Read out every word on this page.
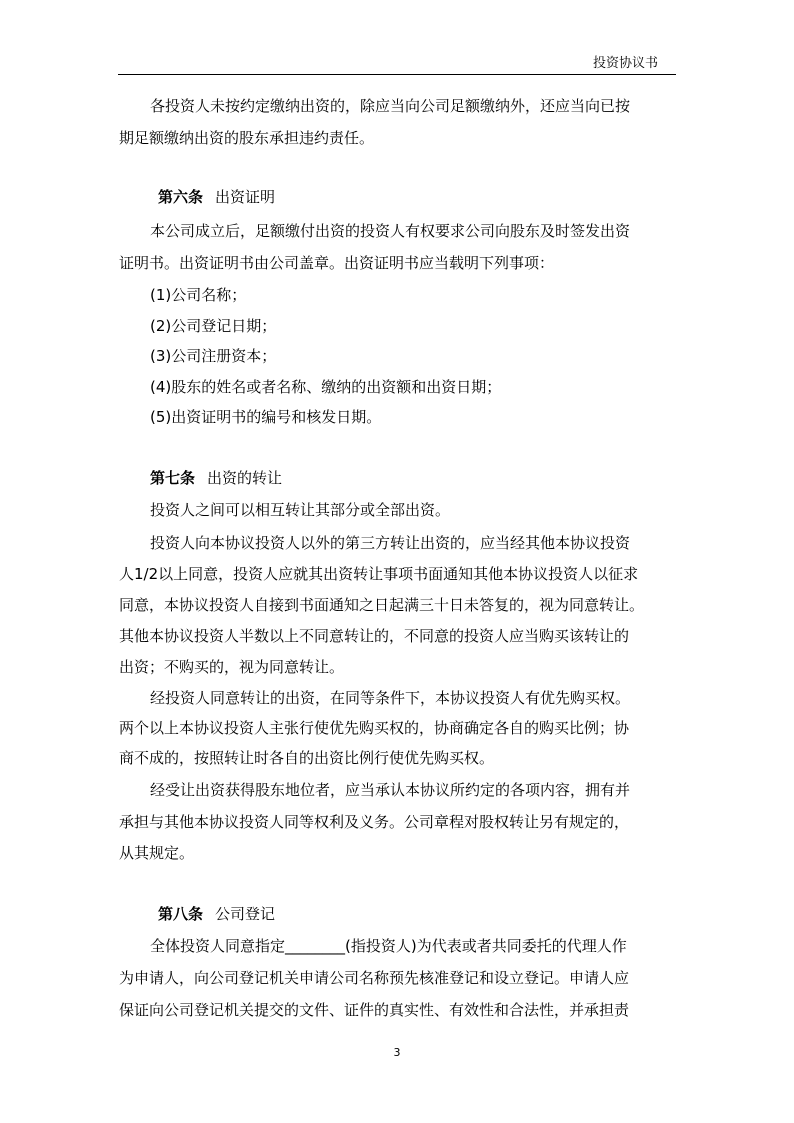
投资协议书
各投资人未按约定缴纳出资的，除应当向公司足额缴纳外，还应当向已按
期足额缴纳出资的股东承担违约责任。
第六条 出资证明
本公司成立后，足额缴付出资的投资人有权要求公司向股东及时签发出资
证明书。出资证明书由公司盖章。出资证明书应当载明下列事项：
(1)公司名称；
(2)公司登记日期；
(3)公司注册资本；
(4)股东的姓名或者名称、缴纳的出资额和出资日期；
(5)出资证明书的编号和核发日期。
第七条 出资的转让
投资人之间可以相互转让其部分或全部出资。
投资人向本协议投资人以外的第三方转让出资的，应当经其他本协议投资
人1/2以上同意，投资人应就其出资转让事项书面通知其他本协议投资人以征求
同意，本协议投资人自接到书面通知之日起满三十日未答复的，视为同意转让。
其他本协议投资人半数以上不同意转让的，不同意的投资人应当购买该转让的
出资；不购买的，视为同意转让。
经投资人同意转让的出资，在同等条件下，本协议投资人有优先购买权。
两个以上本协议投资人主张行使优先购买权的，协商确定各自的购买比例；协
商不成的，按照转让时各自的出资比例行使优先购买权。
经受让出资获得股东地位者，应当承认本协议所约定的各项内容，拥有并
承担与其他本协议投资人同等权利及义务。公司章程对股权转让另有规定的，
从其规定。
第八条 公司登记
全体投资人同意指定________(指投资人)为代表或者共同委托的代理人作
为申请人，向公司登记机关申请公司名称预先核准登记和设立登记。申请人应
保证向公司登记机关提交的文件、证件的真实性、有效性和合法性，并承担责
3
